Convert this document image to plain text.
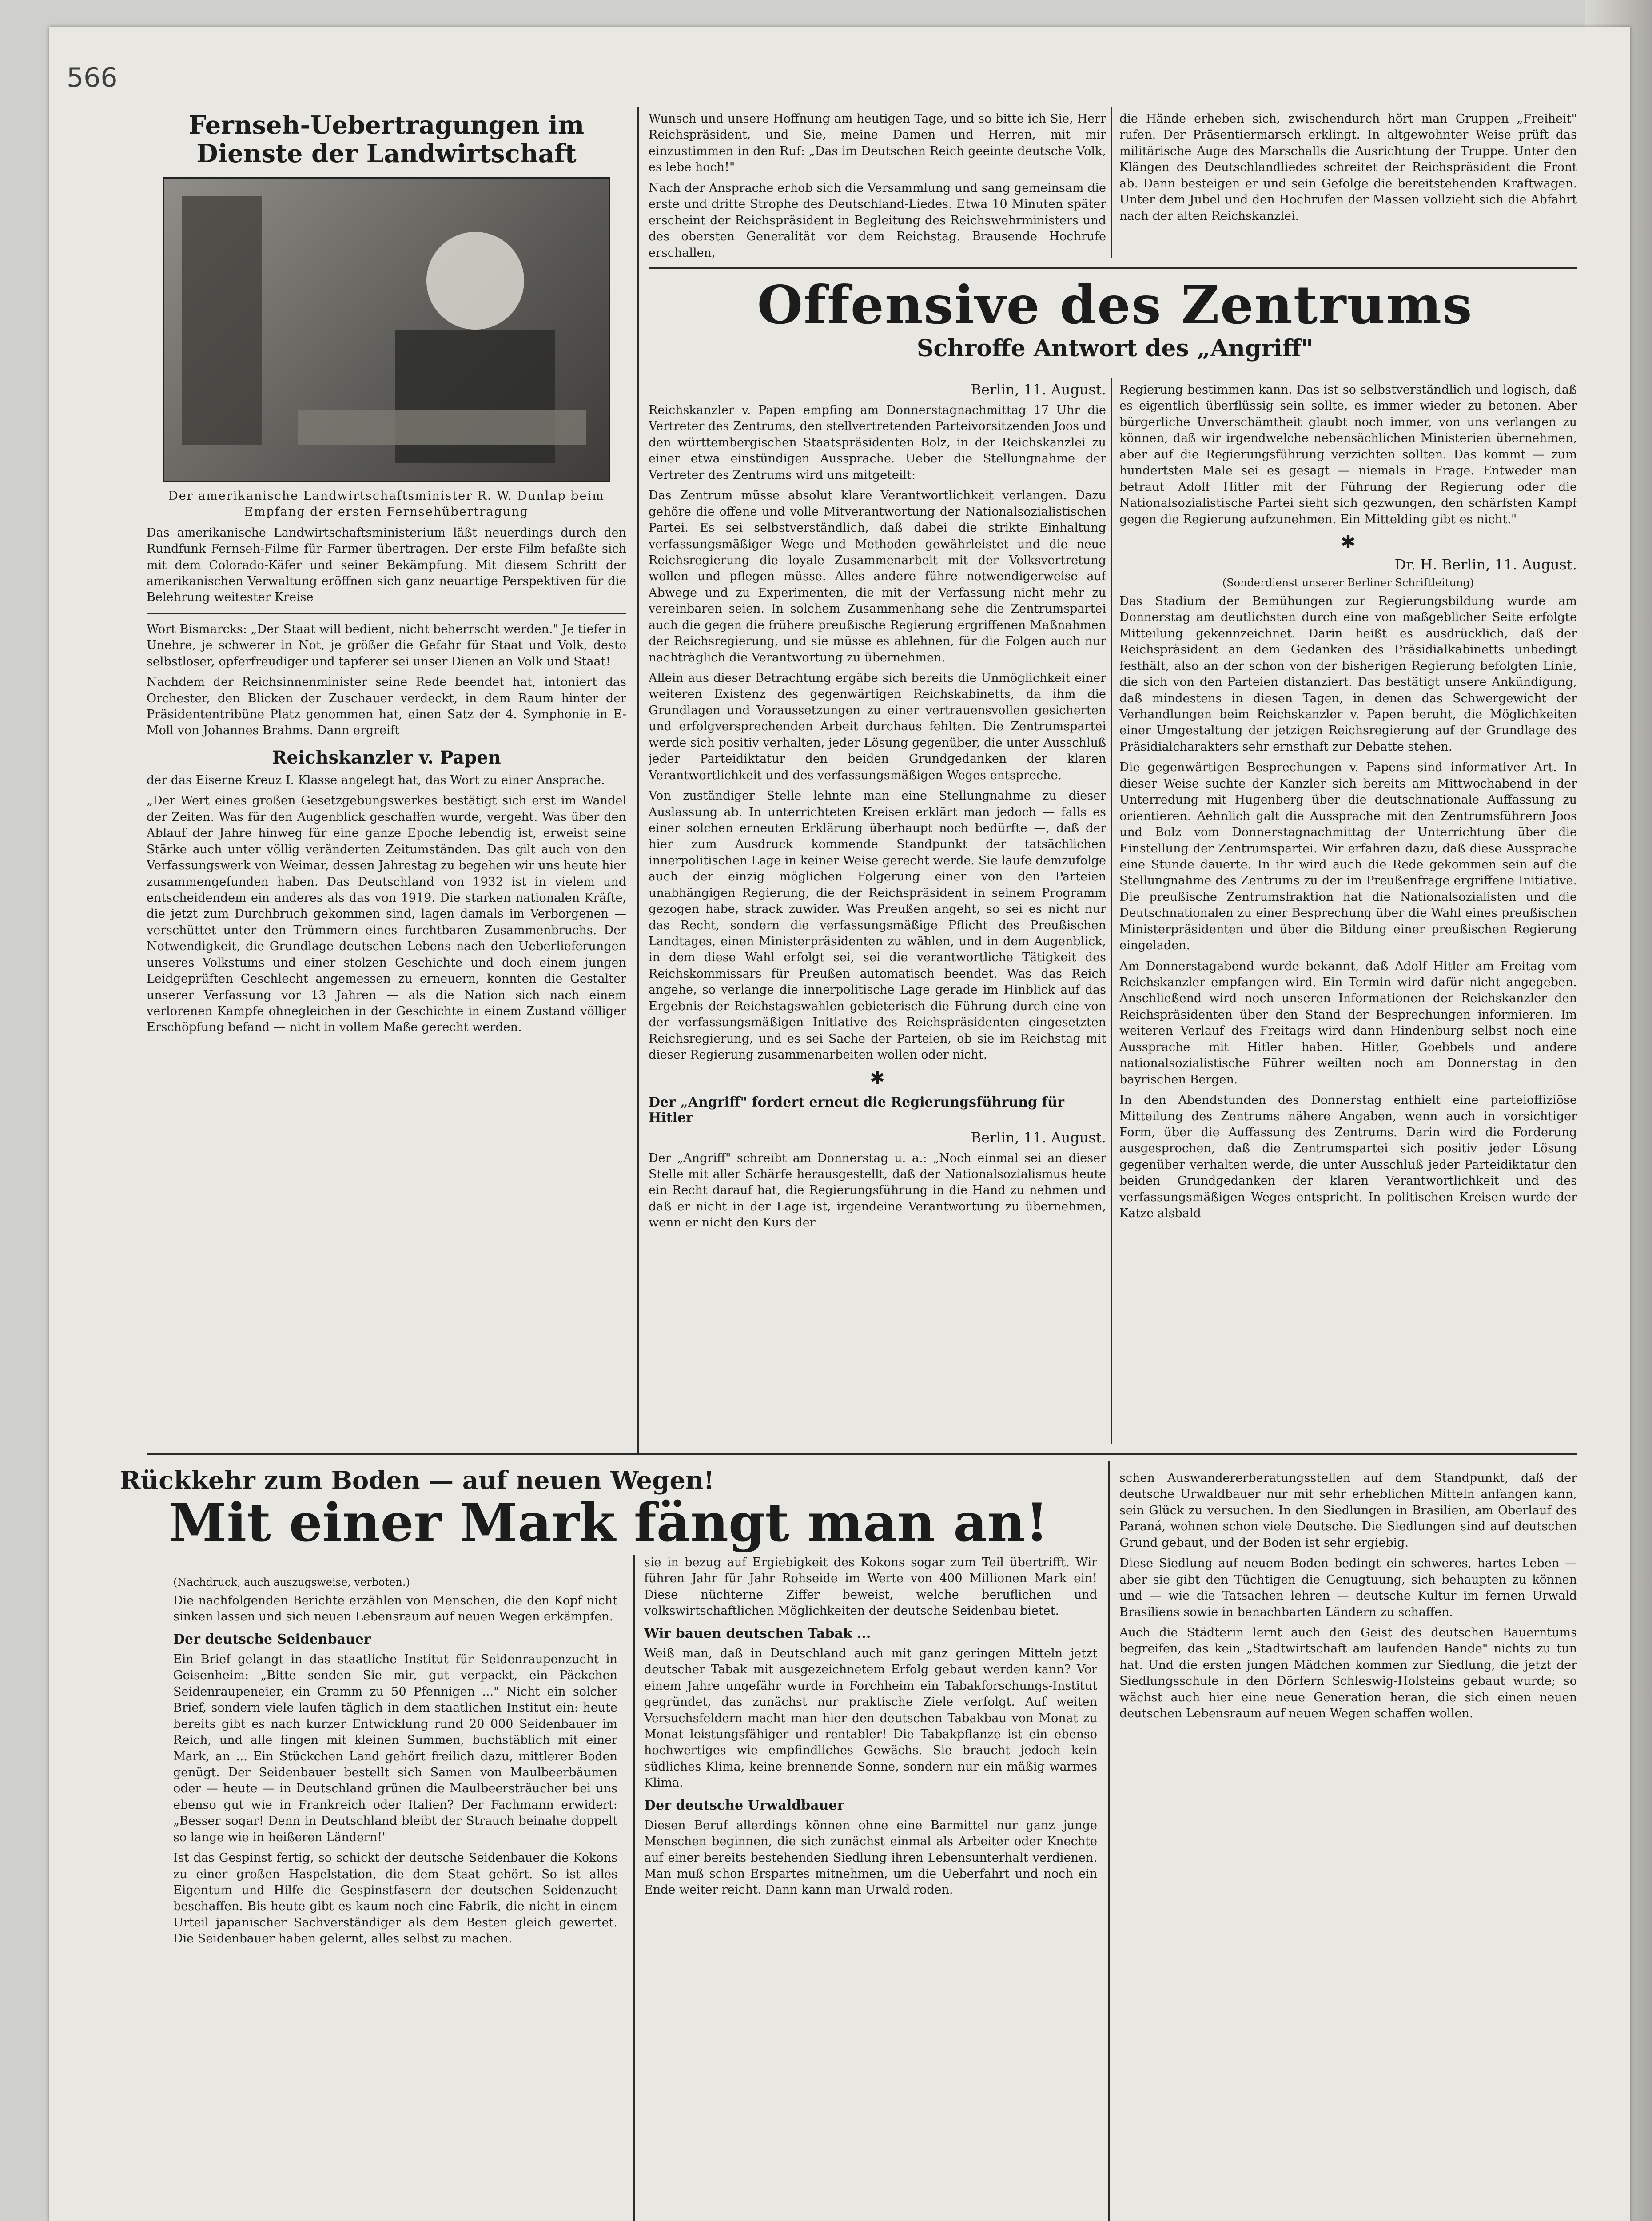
566
Fernseh-Uebertragungen im Dienste der Landwirtschaft
Der amerikanische Landwirtschaftsminister R. W. Dunlap beim Empfang der ersten Fernsehübertragung

Das amerikanische Landwirtschaftsministerium läßt neuerdings durch den Rundfunk Fernseh-Filme für Farmer übertragen. Der erste Film befaßte sich mit dem Colorado-Käfer und seiner Bekämpfung. Mit diesem Schritt der amerikanischen Verwaltung eröffnen sich ganz neuartige Perspektiven für die Belehrung weitester Kreise

Wort Bismarcks: „Der Staat will bedient, nicht beherrscht werden." Je tiefer in Unehre, je schwerer in Not, je größer die Gefahr für Staat und Volk, desto selbstloser, opferfreudiger und tapferer sei unser Dienen an Volk und Staat!

Nachdem der Reichsinnenminister seine Rede beendet hat, intoniert das Orchester, den Blicken der Zuschauer verdeckt, in dem Raum hinter der Präsidententribüne Platz genommen hat, einen Satz der 4. Symphonie in E-Moll von Johannes Brahms. Dann ergreift

Reichskanzler v. Papen

der das Eiserne Kreuz I. Klasse angelegt hat, das Wort zu einer Ansprache.

„Der Wert eines großen Gesetzgebungswerkes bestätigt sich erst im Wandel der Zeiten. Was für den Augenblick geschaffen wurde, vergeht. Was über den Ablauf der Jahre hinweg für eine ganze Epoche lebendig ist, erweist seine Stärke auch unter völlig veränderten Zeitumständen. Das gilt auch von den Verfassungswerk von Weimar, dessen Jahrestag zu begehen wir uns heute hier zusammengefunden haben. Das Deutschland von 1932 ist in vielem und entscheidendem ein anderes als das von 1919. Die starken nationalen Kräfte, die jetzt zum Durchbruch gekommen sind, lagen damals im Verborgenen — verschüttet unter den Trümmern eines furchtbaren Zusammenbruchs. Der Notwendigkeit, die Grundlage deutschen Lebens nach den Ueberlieferungen unseres Volkstums und einer stolzen Geschichte und doch einem jungen Leidgeprüften Geschlecht angemessen zu erneuern, konnten die Gestalter unserer Verfassung vor 13 Jahren — als die Nation sich nach einem verlorenen Kampfe ohnegleichen in der Geschichte in einem Zustand völliger Erschöpfung befand — nicht in vollem Maße gerecht werden.

Wunsch und unsere Hoffnung am heutigen Tage, und so bitte ich Sie, Herr Reichspräsident, und Sie, meine Damen und Herren, mit mir einzustimmen in den Ruf: „Das im Deutschen Reich geeinte deutsche Volk, es lebe hoch!"

Nach der Ansprache erhob sich die Versammlung und sang gemeinsam die erste und dritte Strophe des Deutschland-Liedes. Etwa 10 Minuten später erscheint der Reichspräsident in Begleitung des Reichswehrministers und des obersten Generalität vor dem Reichstag. Brausende Hochrufe erschallen,

die Hände erheben sich, zwischendurch hört man Gruppen „Freiheit" rufen. Der Präsentiermarsch erklingt. In altgewohnter Weise prüft das militärische Auge des Marschalls die Ausrichtung der Truppe. Unter den Klängen des Deutschlandliedes schreitet der Reichspräsident die Front ab. Dann besteigen er und sein Gefolge die bereitstehenden Kraftwagen. Unter dem Jubel und den Hochrufen der Massen vollzieht sich die Abfahrt nach der alten Reichskanzlei.

Offensive des Zentrums
Schroffe Antwort des „Angriff"
Berlin, 11. August.

Reichskanzler v. Papen empfing am Donnerstagnachmittag 17 Uhr die Vertreter des Zentrums, den stellvertretenden Parteivorsitzenden Joos und den württembergischen Staatspräsidenten Bolz, in der Reichskanzlei zu einer etwa einstündigen Aussprache. Ueber die Stellungnahme der Vertreter des Zentrums wird uns mitgeteilt:

Das Zentrum müsse absolut klare Verantwortlichkeit verlangen. Dazu gehöre die offene und volle Mitverantwortung der Nationalsozialistischen Partei. Es sei selbstverständlich, daß dabei die strikte Einhaltung verfassungsmäßiger Wege und Methoden gewährleistet und die neue Reichsregierung die loyale Zusammenarbeit mit der Volksvertretung wollen und pflegen müsse. Alles andere führe notwendigerweise auf Abwege und zu Experimenten, die mit der Verfassung nicht mehr zu vereinbaren seien. In solchem Zusammenhang sehe die Zentrumspartei auch die gegen die frühere preußische Regierung ergriffenen Maßnahmen der Reichsregierung, und sie müsse es ablehnen, für die Folgen auch nur nachträglich die Verantwortung zu übernehmen.

Allein aus dieser Betrachtung ergäbe sich bereits die Unmöglichkeit einer weiteren Existenz des gegenwärtigen Reichskabinetts, da ihm die Grundlagen und Voraussetzungen zu einer vertrauensvollen gesicherten und erfolgversprechenden Arbeit durchaus fehlten. Die Zentrumspartei werde sich positiv verhalten, jeder Lösung gegenüber, die unter Ausschluß jeder Parteidiktatur den beiden Grundgedanken der klaren Verantwortlichkeit und des verfassungsmäßigen Weges entspreche.

Von zuständiger Stelle lehnte man eine Stellungnahme zu dieser Auslassung ab. In unterrichteten Kreisen erklärt man jedoch — falls es einer solchen erneuten Erklärung überhaupt noch bedürfte —, daß der hier zum Ausdruck kommende Standpunkt der tatsächlichen innerpolitischen Lage in keiner Weise gerecht werde. Sie laufe demzufolge auch der einzig möglichen Folgerung einer von den Parteien unabhängigen Regierung, die der Reichspräsident in seinem Programm gezogen habe, strack zuwider. Was Preußen angeht, so sei es nicht nur das Recht, sondern die verfassungsmäßige Pflicht des Preußischen Landtages, einen Ministerpräsidenten zu wählen, und in dem Augenblick, in dem diese Wahl erfolgt sei, sei die verantwortliche Tätigkeit des Reichskommissars für Preußen automatisch beendet. Was das Reich angehe, so verlange die innerpolitische Lage gerade im Hinblick auf das Ergebnis der Reichstagswahlen gebieterisch die Führung durch eine von der verfassungsmäßigen Initiative des Reichspräsidenten eingesetzten Reichsregierung, und es sei Sache der Parteien, ob sie im Reichstag mit dieser Regierung zusammenarbeiten wollen oder nicht.

✱
Der „Angriff" fordert erneut die Regierungsführung für Hitler
Berlin, 11. August.

Der „Angriff" schreibt am Donnerstag u. a.: „Noch einmal sei an dieser Stelle mit aller Schärfe herausgestellt, daß der Nationalsozialismus heute ein Recht darauf hat, die Regierungsführung in die Hand zu nehmen und daß er nicht in der Lage ist, irgendeine Verantwortung zu übernehmen, wenn er nicht den Kurs der

Regierung bestimmen kann. Das ist so selbstverständlich und logisch, daß es eigentlich überflüssig sein sollte, es immer wieder zu betonen. Aber bürgerliche Unverschämtheit glaubt noch immer, von uns verlangen zu können, daß wir irgendwelche nebensächlichen Ministerien übernehmen, aber auf die Regierungsführung verzichten sollten. Das kommt — zum hundertsten Male sei es gesagt — niemals in Frage. Entweder man betraut Adolf Hitler mit der Führung der Regierung oder die Nationalsozialistische Partei sieht sich gezwungen, den schärfsten Kampf gegen die Regierung aufzunehmen. Ein Mittelding gibt es nicht."

✱
Dr. H. Berlin, 11. August.
(Sonderdienst unserer Berliner Schriftleitung)

Das Stadium der Bemühungen zur Regierungsbildung wurde am Donnerstag am deutlichsten durch eine von maßgeblicher Seite erfolgte Mitteilung gekennzeichnet. Darin heißt es ausdrücklich, daß der Reichspräsident an dem Gedanken des Präsidialkabinetts unbedingt festhält, also an der schon von der bisherigen Regierung befolgten Linie, die sich von den Parteien distanziert. Das bestätigt unsere Ankündigung, daß mindestens in diesen Tagen, in denen das Schwergewicht der Verhandlungen beim Reichskanzler v. Papen beruht, die Möglichkeiten einer Umgestaltung der jetzigen Reichsregierung auf der Grundlage des Präsidialcharakters sehr ernsthaft zur Debatte stehen.

Die gegenwärtigen Besprechungen v. Papens sind informativer Art. In dieser Weise suchte der Kanzler sich bereits am Mittwochabend in der Unterredung mit Hugenberg über die deutschnationale Auffassung zu orientieren. Aehnlich galt die Aussprache mit den Zentrumsführern Joos und Bolz vom Donnerstagnachmittag der Unterrichtung über die Einstellung der Zentrumspartei. Wir erfahren dazu, daß diese Aussprache eine Stunde dauerte. In ihr wird auch die Rede gekommen sein auf die Stellungnahme des Zentrums zu der im Preußenfrage ergriffene Initiative. Die preußische Zentrumsfraktion hat die Nationalsozialisten und die Deutschnationalen zu einer Besprechung über die Wahl eines preußischen Ministerpräsidenten und über die Bildung einer preußischen Regierung eingeladen.

Am Donnerstagabend wurde bekannt, daß Adolf Hitler am Freitag vom Reichskanzler empfangen wird. Ein Termin wird dafür nicht angegeben. Anschließend wird noch unseren Informationen der Reichskanzler den Reichspräsidenten über den Stand der Besprechungen informieren. Im weiteren Verlauf des Freitags wird dann Hindenburg selbst noch eine Aussprache mit Hitler haben. Hitler, Goebbels und andere nationalsozialistische Führer weilten noch am Donnerstag in den bayrischen Bergen.

In den Abendstunden des Donnerstag enthielt eine parteioffiziöse Mitteilung des Zentrums nähere Angaben, wenn auch in vorsichtiger Form, über die Auffassung des Zentrums. Darin wird die Forderung ausgesprochen, daß die Zentrumspartei sich positiv jeder Lösung gegenüber verhalten werde, die unter Ausschluß jeder Parteidiktatur den beiden Grundgedanken der klaren Verantwortlichkeit und des verfassungsmäßigen Weges entspricht. In politischen Kreisen wurde der Katze alsbald

Rückkehr zum Boden — auf neuen Wegen!
Mit einer Mark fängt man an!
(Nachdruck, auch auszugsweise, verboten.)

Die nachfolgenden Berichte erzählen von Menschen, die den Kopf nicht sinken lassen und sich neuen Lebensraum auf neuen Wegen erkämpfen.

Der deutsche Seidenbauer

Ein Brief gelangt in das staatliche Institut für Seidenraupenzucht in Geisenheim: „Bitte senden Sie mir, gut verpackt, ein Päckchen Seidenraupeneier, ein Gramm zu 50 Pfennigen ..." Nicht ein solcher Brief, sondern viele laufen täglich in dem staatlichen Institut ein: heute bereits gibt es nach kurzer Entwicklung rund 20 000 Seidenbauer im Reich, und alle fingen mit kleinen Summen, buchstäblich mit einer Mark, an ... Ein Stückchen Land gehört freilich dazu, mittlerer Boden genügt. Der Seidenbauer bestellt sich Samen von Maulbeerbäumen oder — heute — in Deutschland grünen die Maulbeersträucher bei uns ebenso gut wie in Frankreich oder Italien? Der Fachmann erwidert: „Besser sogar! Denn in Deutschland bleibt der Strauch beinahe doppelt so lange wie in heißeren Ländern!"

Ist das Gespinst fertig, so schickt der deutsche Seidenbauer die Kokons zu einer großen Haspelstation, die dem Staat gehört. So ist alles Eigentum und Hilfe die Gespinstfasern der deutschen Seidenzucht beschaffen. Bis heute gibt es kaum noch eine Fabrik, die nicht in einem Urteil japanischer Sachverständiger als dem Besten gleich gewertet. Die Seidenbauer haben gelernt, alles selbst zu machen.

sie in bezug auf Ergiebigkeit des Kokons sogar zum Teil übertrifft. Wir führen Jahr für Jahr Rohseide im Werte von 400 Millionen Mark ein! Diese nüchterne Ziffer beweist, welche beruflichen und volkswirtschaftlichen Möglichkeiten der deutsche Seidenbau bietet.

Wir bauen deutschen Tabak ...

Weiß man, daß in Deutschland auch mit ganz geringen Mitteln jetzt deutscher Tabak mit ausgezeichnetem Erfolg gebaut werden kann? Vor einem Jahre ungefähr wurde in Forchheim ein Tabakforschungs-Institut gegründet, das zunächst nur praktische Ziele verfolgt. Auf weiten Versuchsfeldern macht man hier den deutschen Tabakbau von Monat zu Monat leistungsfähiger und rentabler! Die Tabakpflanze ist ein ebenso hochwertiges wie empfindliches Gewächs. Sie braucht jedoch kein südliches Klima, keine brennende Sonne, sondern nur ein mäßig warmes Klima.

Der deutsche Urwaldbauer

Diesen Beruf allerdings können ohne eine Barmittel nur ganz junge Menschen beginnen, die sich zunächst einmal als Arbeiter oder Knechte auf einer bereits bestehenden Siedlung ihren Lebensunterhalt verdienen. Man muß schon Erspartes mitnehmen, um die Ueberfahrt und noch ein Ende weiter reicht. Dann kann man Urwald roden.

schen Auswandererberatungsstellen auf dem Standpunkt, daß der deutsche Urwaldbauer nur mit sehr erheblichen Mitteln anfangen kann, sein Glück zu versuchen. In den Siedlungen in Brasilien, am Oberlauf des Paraná, wohnen schon viele Deutsche. Die Siedlungen sind auf deutschen Grund gebaut, und der Boden ist sehr ergiebig.

Diese Siedlung auf neuem Boden bedingt ein schweres, hartes Leben — aber sie gibt den Tüchtigen die Genugtuung, sich behaupten zu können und — wie die Tatsachen lehren — deutsche Kultur im fernen Urwald Brasiliens sowie in benachbarten Ländern zu schaffen.

Auch die Städterin lernt auch den Geist des deutschen Bauerntums begreifen, das kein „Stadtwirtschaft am laufenden Bande" nichts zu tun hat. Und die ersten jungen Mädchen kommen zur Siedlung, die jetzt der Siedlungsschule in den Dörfern Schleswig-Holsteins gebaut wurde; so wächst auch hier eine neue Generation heran, die sich einen neuen deutschen Lebensraum auf neuen Wegen schaffen wollen.
